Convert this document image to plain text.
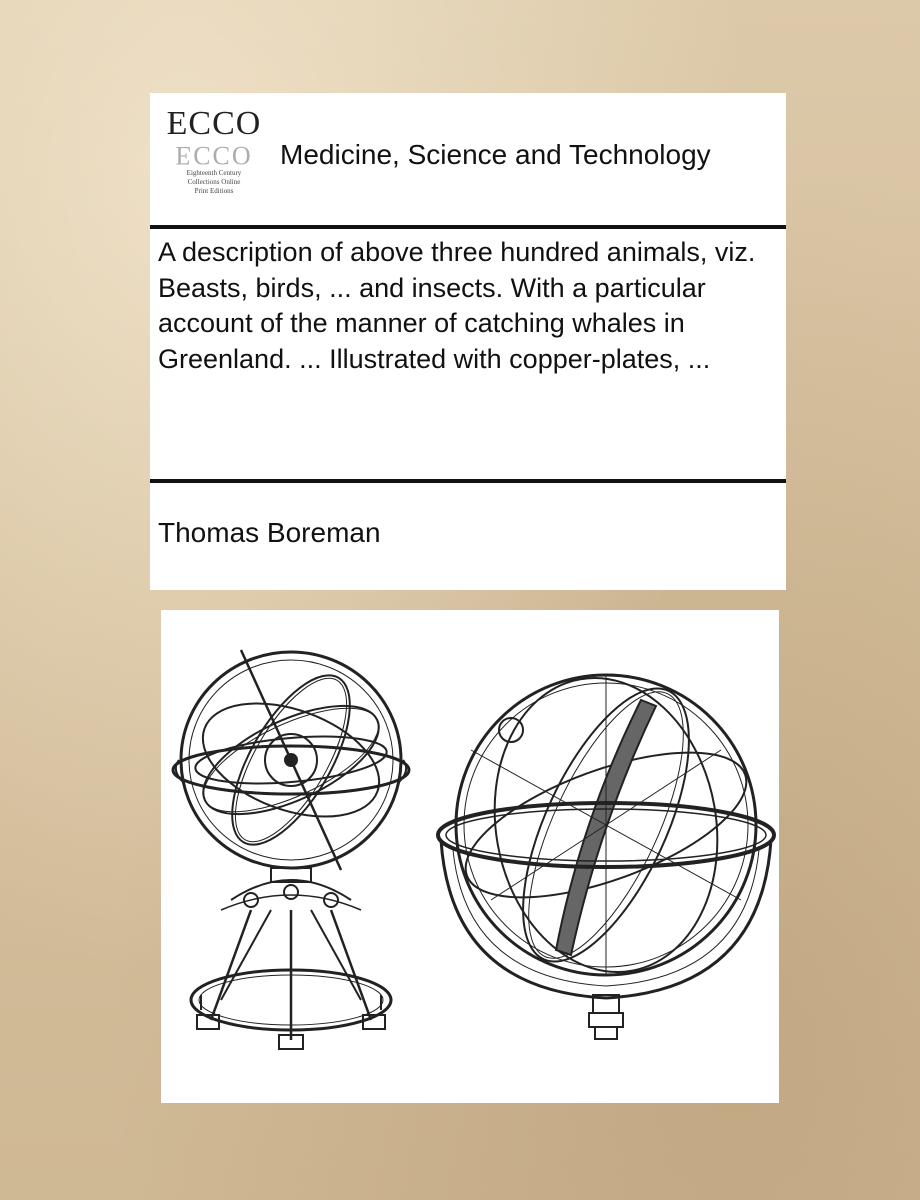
ECCO
ECCO
Eighteenth Century
Collections Online
Print Editions
Medicine, Science and Technology
A description of above three hundred animals, viz. Beasts, birds, ... and insects. With a particular account of the manner of catching whales in Greenland. ... Illustrated with copper-plates, ...
Thomas Boreman
